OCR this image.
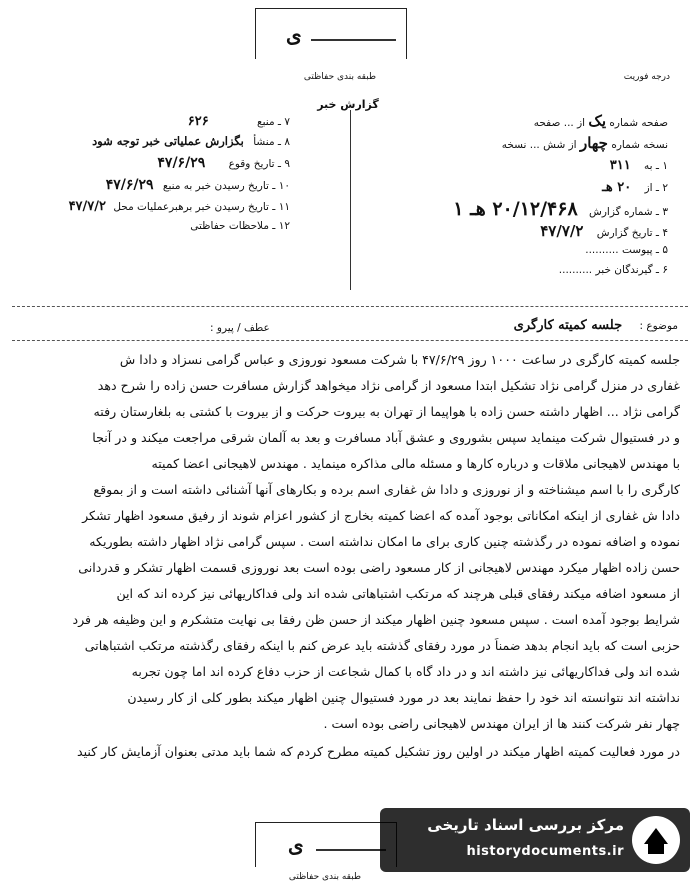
ی
طبقه بندی حفاظتی	درجه فوریت
گزارش خبر
صفحه شماره یک از ... صفحه
نسخه شماره چهار از شش ... نسخه
۱ ـ به ۳۱۱
۲ ـ از ۲۰ هـ
۳ ـ شماره گزارش ۲۰/۱۲/۴۶۸ هـ ۱
۴ ـ تاریخ گزارش ۴۷/۷/۲
۵ ـ پیوست ..........
۶ ـ گیرندگان خبر ..........
۷ ـ منبع ۶۲۶
۸ ـ منشأ بگزارش عملیاتی خبر توجه شود
۹ ـ تاریخ وقوع ۴۷/۶/۲۹
۱۰ ـ تاریخ رسیدن خبر به منبع ۴۷/۶/۲۹
۱۱ ـ تاریخ رسیدن خبر برهبرعملیات محل ۴۷/۷/۲
۱۲ ـ ملاحظات حفاظتی
موضوع : جلسه کمیته کارگری
عطف / پیرو :
جلسه کمیته کارگری در ساعت ۱۰۰۰ روز ۴۷/۶/۲۹ با شرکت مسعود نوروزی و عباس گرامی نسزاد و دادا ش
غفاری در منزل گرامی نژاد تشکیل ابتدا مسعود از گرامی نژاد میخواهد گزارش مسافرت حسن زاده را شرح دهد
گرامی نژاد ... اظهار داشته حسن زاده با هواپیما از تهران به بیروت حرکت و از بیروت با کشتی به بلغارستان رفته
و در فستیوال شرکت مینماید سپس بشوروی و عشق آباد مسافرت و بعد به آلمان شرقی مراجعت میکند و در آنجا
با مهندس لاهیجانی ملاقات و درباره کارها و مسئله مالی مذاکره مینماید . مهندس لاهیجانی اعضا کمیته
کارگری را با اسم میشناخته و از نوروزی و دادا ش غفاری اسم برده و بکارهای آنها آشنائی داشته است و از بموقع
دادا ش غفاری از اینکه امکاناتی بوجود آمده که اعضا کمیته بخارج از کشور اعزام شوند از رفیق مسعود اظهار تشکر
نموده و اضافه نموده در رگذشته چنین کاری برای ما امکان نداشته است . سپس گرامی نژاد اظهار داشته بطوریکه
حسن زاده اظهار میکرد مهندس لاهیجانی از کار مسعود راضی بوده است بعد نوروزی قسمت اظهار تشکر و قدردانی
از مسعود اضافه میکند رفقای قبلی هرچند که مرتکب اشتباهاتی شده اند ولی فداکاریهائی نیز کرده اند که این
شرایط بوجود آمده است . سپس مسعود چنین اظهار میکند از حسن ظن رفقا بی نهایت متشکرم و این وظیفه هر فرد
حزبی است که باید انجام بدهد ضمناً در مورد رفقای گذشته باید عرض کنم با اینکه رفقای رگذشته مرتکب اشتباهاتی
شده اند ولی فداکاریهائی نیز داشته اند و در داد گاه با کمال شجاعت از حزب دفاع کرده اند اما چون تجربه
نداشته اند نتوانسته اند خود را حفظ نمایند بعد در مورد فستیوال چنین اظهار میکند بطور کلی از کار رسیدن
چهار نفر شرکت کنند ها از ایران مهندس لاهیجانی راضی بوده است .
در مورد فعالیت کمیته اظهار میکند در اولین روز تشکیل کمیته مطرح کردم که شما باید مدتی بعنوان آزمایش کار کنید
ی
طبقه بندی حفاظتی
مرکز بررسی اسناد تاریخی
historydocuments.ir
